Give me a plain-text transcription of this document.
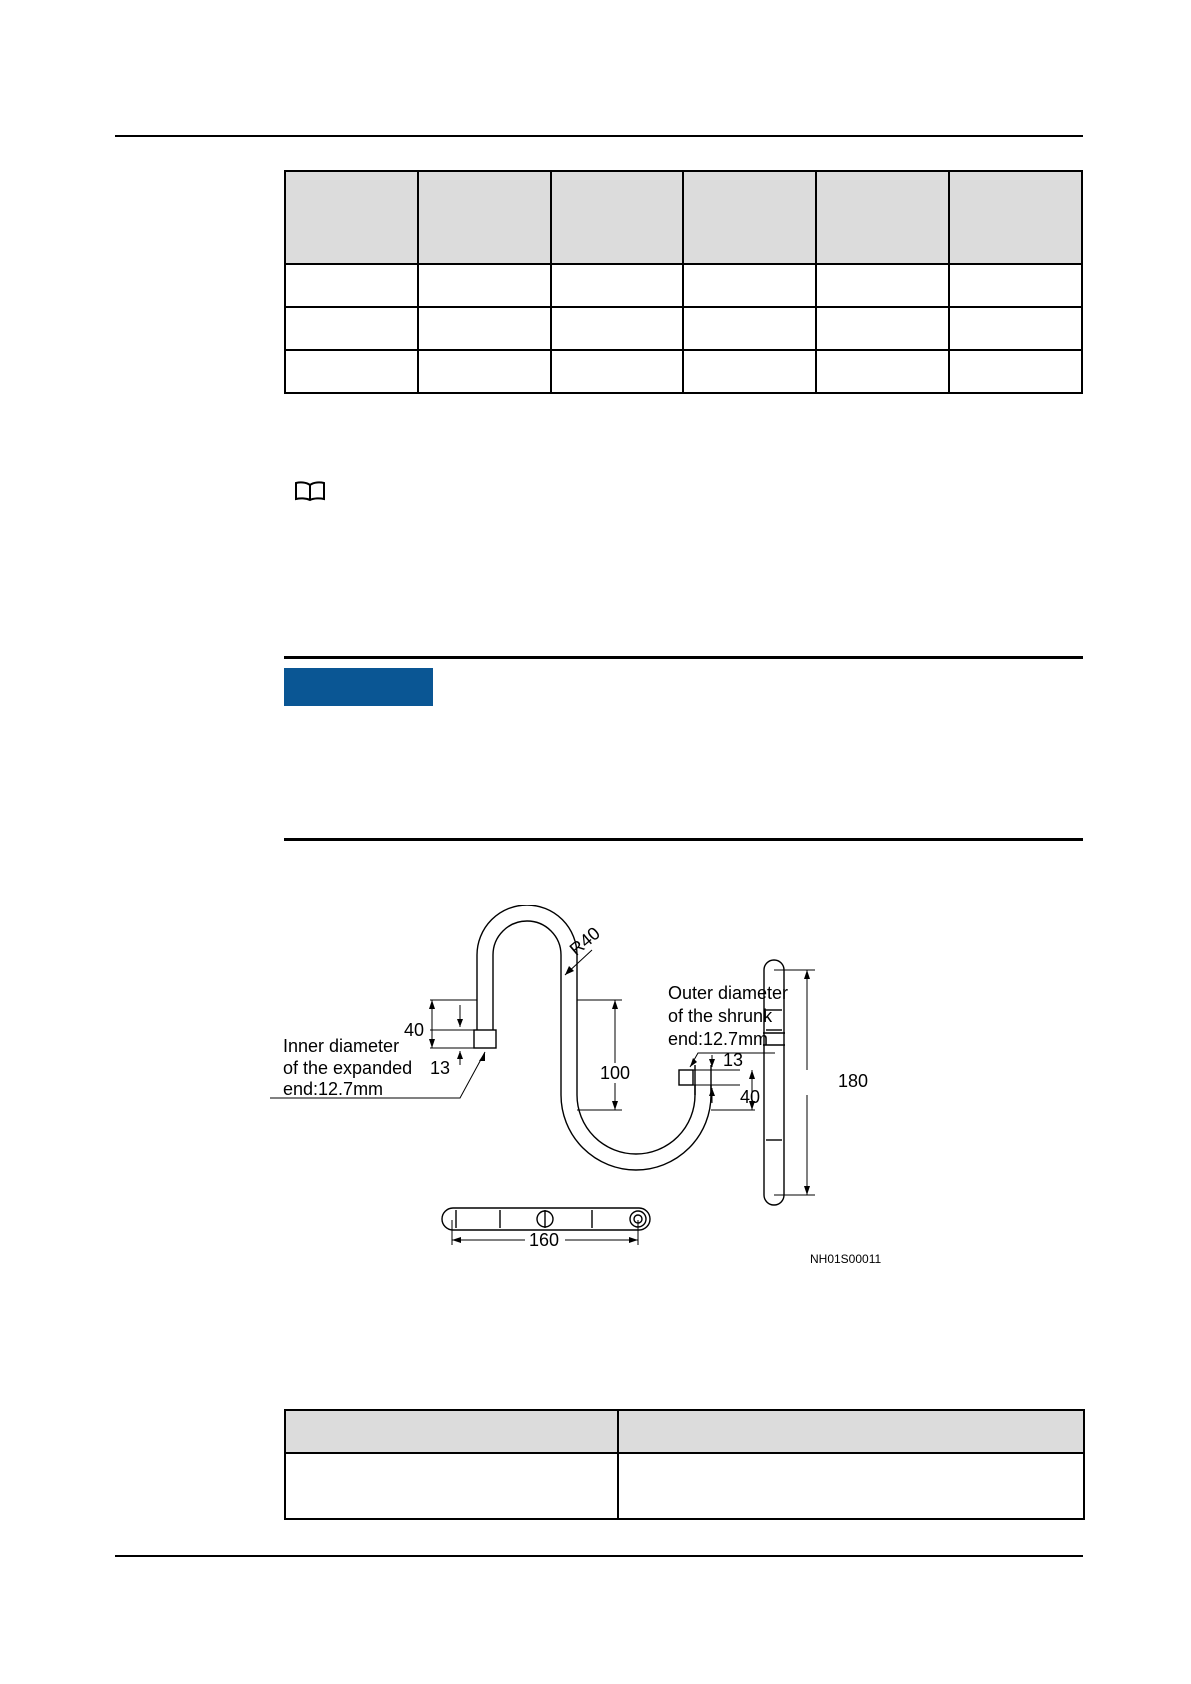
R40
40
13
Inner diameter
of the expanded
end:12.7mm
100
Outer diameter
of the shrunk
end:12.7mm
13
40
180
160
NH01S00011
